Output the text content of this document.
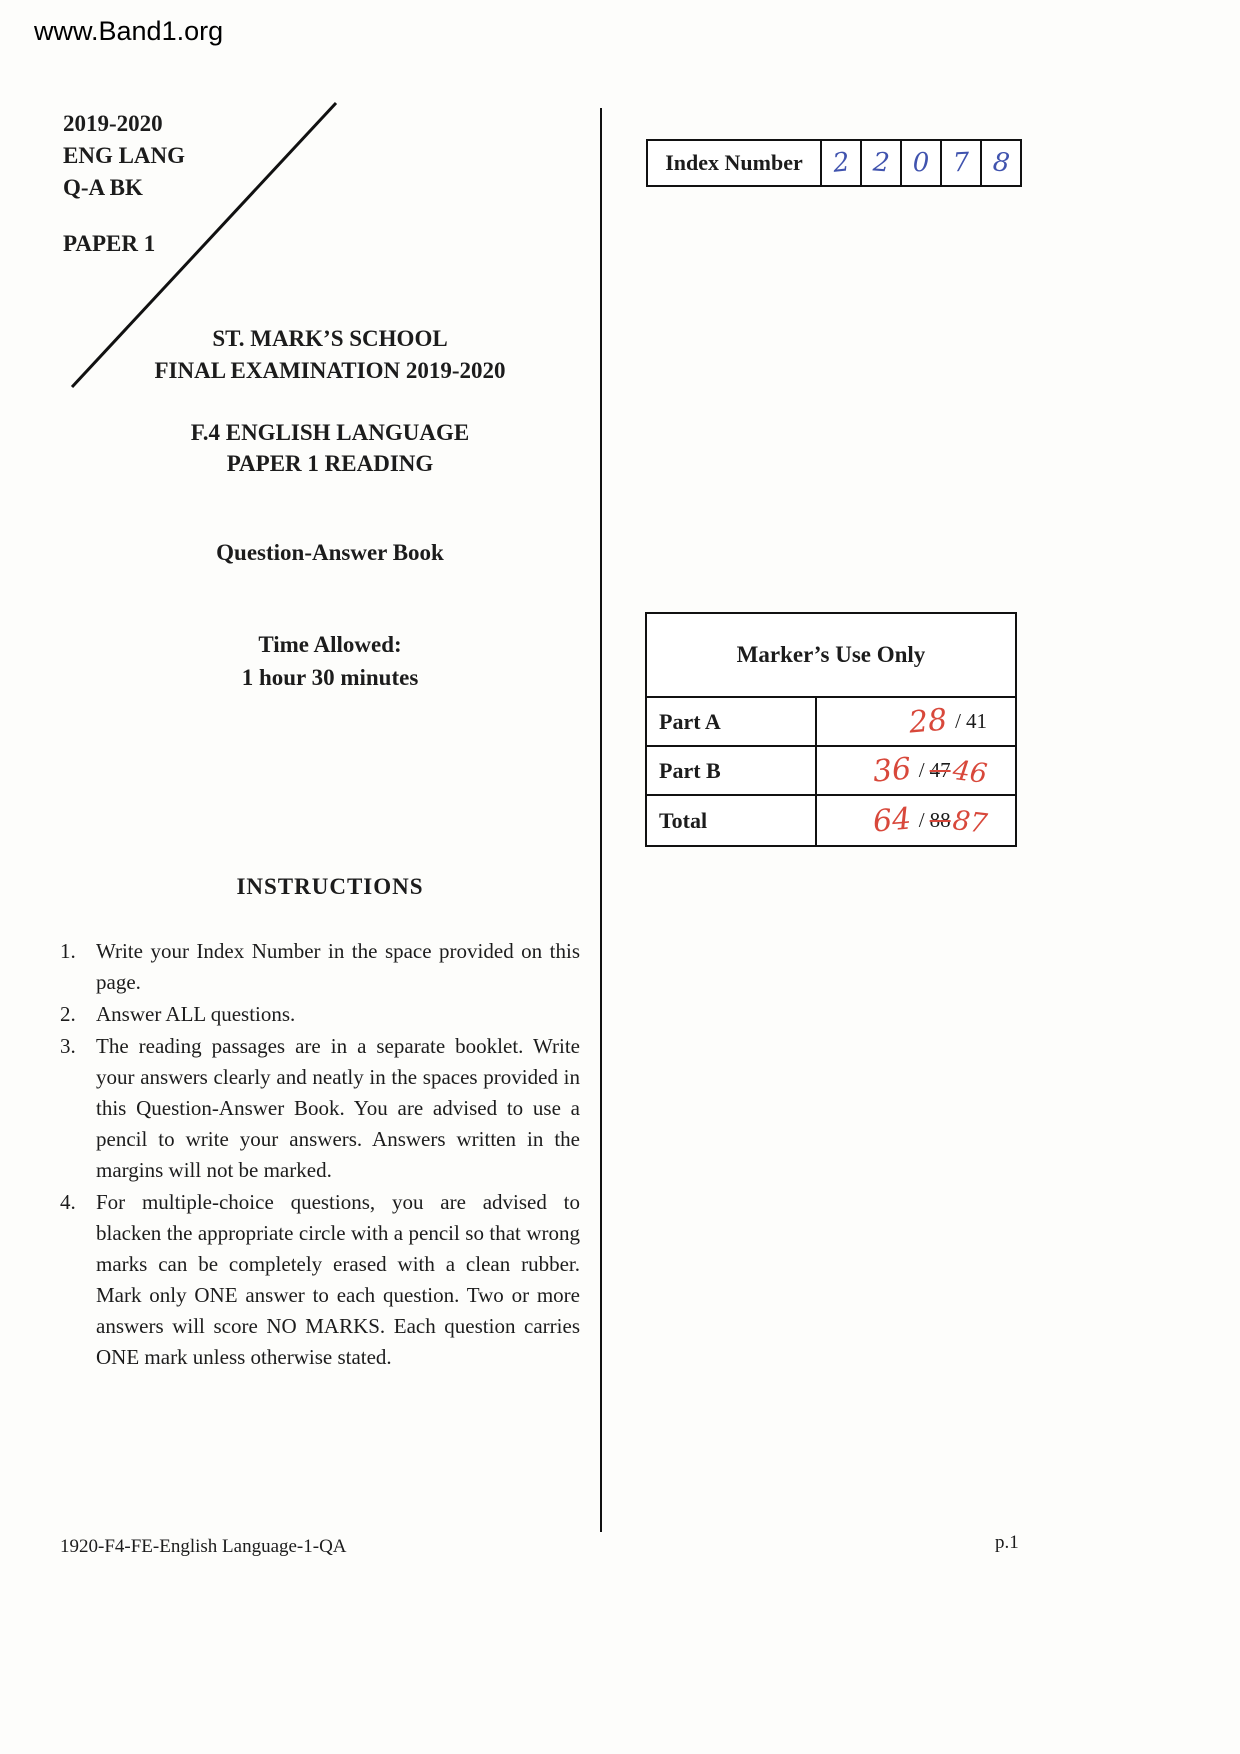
www.Band1.org
2019-2020
ENG LANG
Q-A BK
PAPER 1
ST. MARK’S SCHOOL
FINAL EXAMINATION 2019-2020
F.4 ENGLISH LANGUAGE
PAPER 1 READING
Question-Answer Book
Time Allowed:
1 hour 30 minutes
INSTRUCTIONS
Index Number	2 2 0 7 8
Marker’s Use Only
Part A	28 / 41
Part B	36 / 47 46
Total	64 / 88 87
1. Write your Index Number in the space provided on this page.
2. Answer ALL questions.
3. The reading passages are in a separate booklet. Write your answers clearly and neatly in the spaces provided in this Question-Answer Book. You are advised to use a pencil to write your answers. Answers written in the margins will not be marked.
4. For multiple-choice questions, you are advised to blacken the appropriate circle with a pencil so that wrong marks can be completely erased with a clean rubber. Mark only ONE answer to each question. Two or more answers will score NO MARKS. Each question carries ONE mark unless otherwise stated.
1920-F4-FE-English Language-1-QA	p.1
